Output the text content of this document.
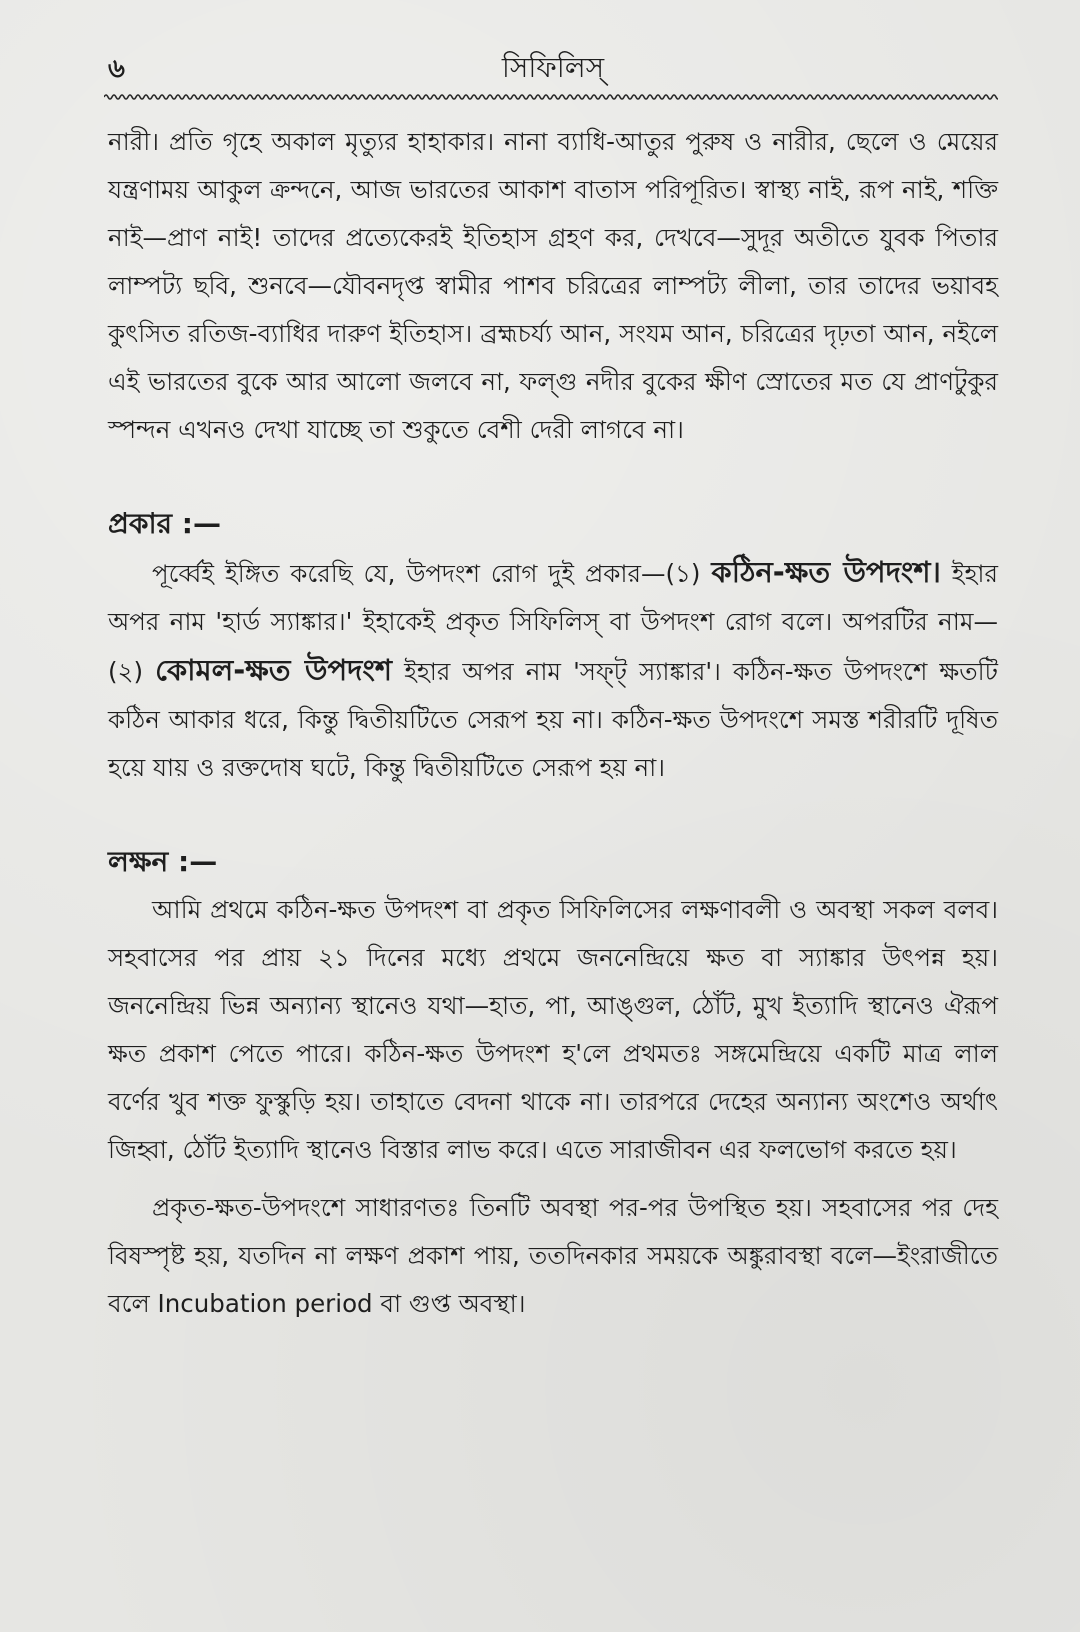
৬	সিফিলিস্

নারী। প্রতি গৃহে অকাল মৃত্যুর হাহাকার। নানা ব্যাধি-আতুর পুরুষ ও নারীর, ছেলে ও মেয়ের যন্ত্রণাময় আকুল ক্রন্দনে, আজ ভারতের আকাশ বাতাস পরিপূরিত। স্বাস্থ্য নাই, রূপ নাই, শক্তি নাই—প্রাণ নাই! তাদের প্রত্যেকেরই ইতিহাস গ্রহণ কর, দেখবে—সুদূর অতীতে যুবক পিতার লাম্পট্য ছবি, শুনবে—যৌবনদৃপ্ত স্বামীর পাশব চরিত্রের লাম্পট্য লীলা, তার তাদের ভয়াবহ কুৎসিত রতিজ-ব্যাধির দারুণ ইতিহাস। ব্রহ্মচর্য্য আন, সংযম আন, চরিত্রের দৃঢ়তা আন, নইলে এই ভারতের বুকে আর আলো জলবে না, ফল্গু নদীর বুকের ক্ষীণ স্রোতের মত যে প্রাণটুকুর স্পন্দন এখনও দেখা যাচ্ছে তা শুকুতে বেশী দেরী লাগবে না।

প্রকার :—

পূর্ব্বেই ইঙ্গিত করেছি যে, উপদংশ রোগ দুই প্রকার—(১) কঠিন-ক্ষত উপদংশ। ইহার অপর নাম 'হার্ড স্যাঙ্কার।' ইহাকেই প্রকৃত সিফিলিস্ বা উপদংশ রোগ বলে। অপরটির নাম—(২) কোমল-ক্ষত উপদংশ ইহার অপর নাম 'সফ্‌ট্ স্যাঙ্কার'। কঠিন-ক্ষত উপদংশে ক্ষতটি কঠিন আকার ধরে, কিন্তু দ্বিতীয়টিতে সেরূপ হয় না। কঠিন-ক্ষত উপদংশে সমস্ত শরীরটি দূষিত হয়ে যায় ও রক্তদোষ ঘটে, কিন্তু দ্বিতীয়টিতে সেরূপ হয় না।

লক্ষন :—

আমি প্রথমে কঠিন-ক্ষত উপদংশ বা প্রকৃত সিফিলিসের লক্ষণাবলী ও অবস্থা সকল বলব। সহবাসের পর প্রায় ২১ দিনের মধ্যে প্রথমে জননেন্দ্রিয়ে ক্ষত বা স্যাঙ্কার উৎপন্ন হয়। জননেন্দ্রিয় ভিন্ন অন্যান্য স্থানেও যথা—হাত, পা, আঙ্গুল, ঠোঁট, মুখ ইত্যাদি স্থানেও ঐরূপ ক্ষত প্রকাশ পেতে পারে। কঠিন-ক্ষত উপদংশ হ'লে প্রথমতঃ সঙ্গমেন্দ্রিয়ে একটি মাত্র লাল বর্ণের খুব শক্ত ফুস্কুড়ি হয়। তাহাতে বেদনা থাকে না। তারপরে দেহের অন্যান্য অংশেও অর্থাৎ জিহ্বা, ঠোঁট ইত্যাদি স্থানেও বিস্তার লাভ করে। এতে সারাজীবন এর ফলভোগ করতে হয়।

প্রকৃত-ক্ষত-উপদংশে সাধারণতঃ তিনটি অবস্থা পর-পর উপস্থিত হয়। সহবাসের পর দেহ বিষস্পৃষ্ট হয়, যতদিন না লক্ষণ প্রকাশ পায়, ততদিনকার সময়কে অঙ্কুরাবস্থা বলে—ইংরাজীতে বলে Incubation period বা গুপ্ত অবস্থা।
